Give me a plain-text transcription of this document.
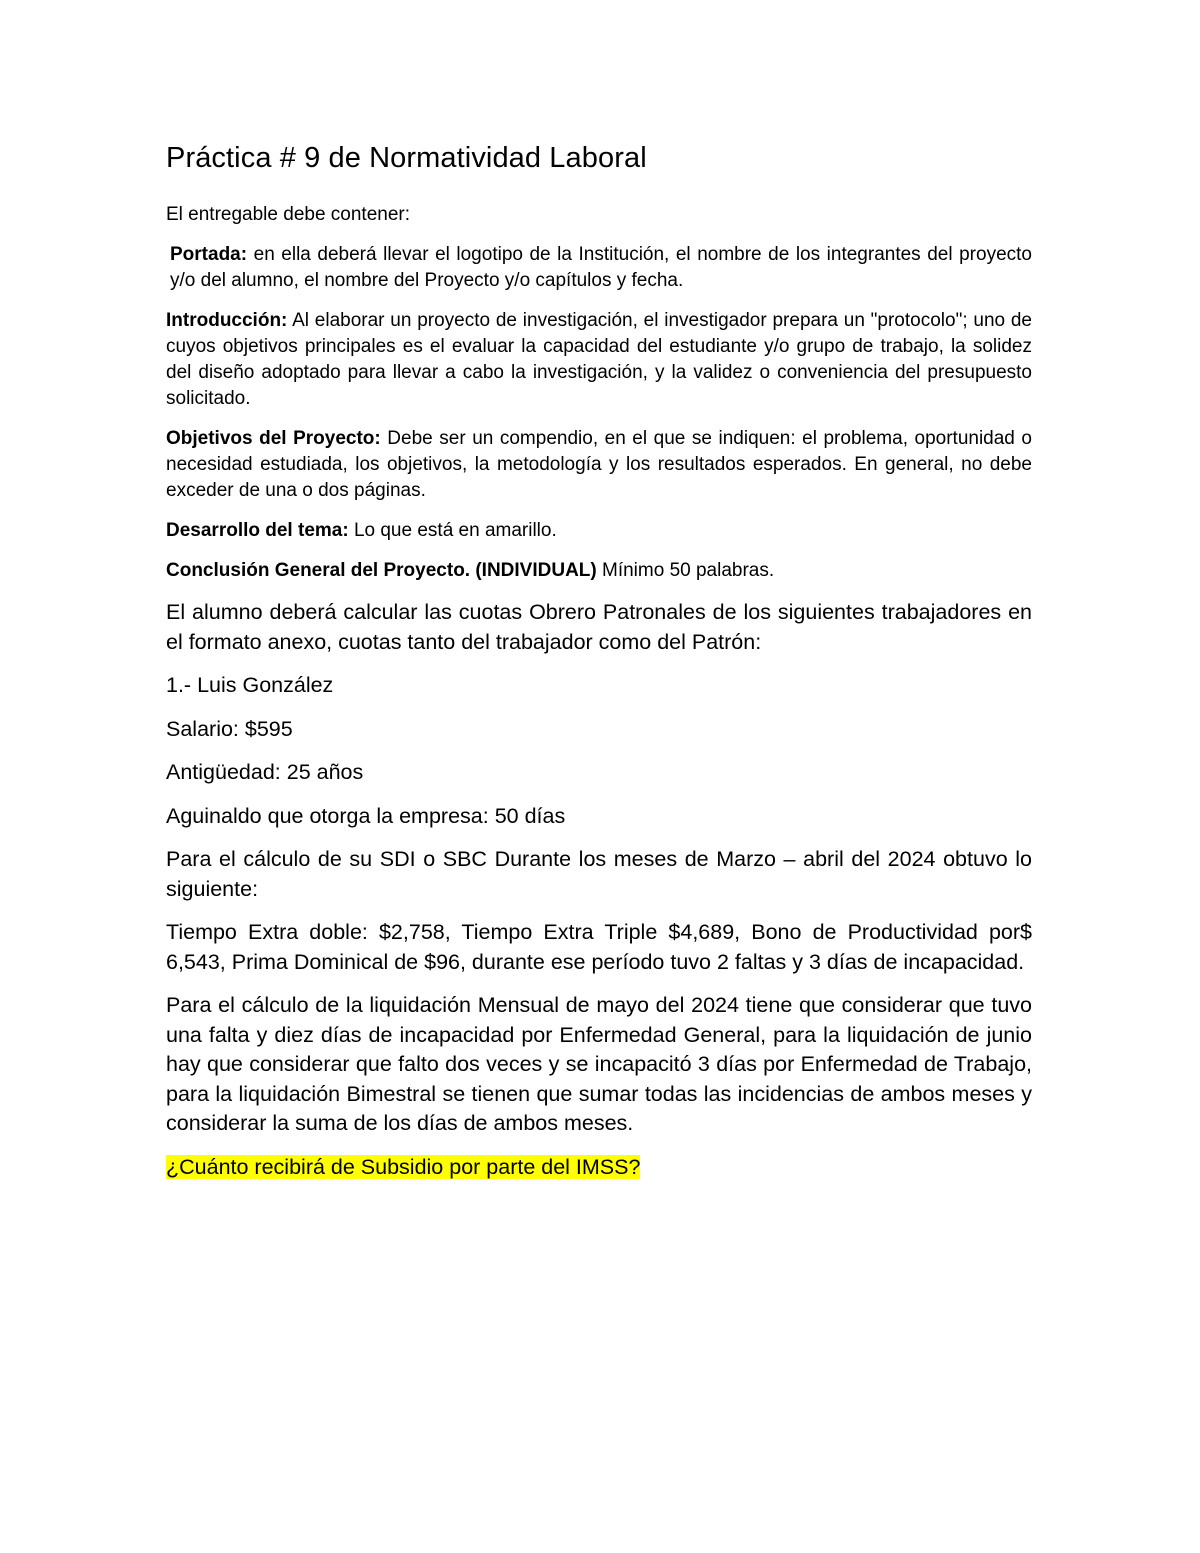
Práctica # 9 de Normatividad Laboral

El entregable debe contener:

Portada: en ella deberá llevar el logotipo de la Institución, el nombre de los integrantes del proyecto y/o del alumno, el nombre del Proyecto y/o capítulos y fecha.

Introducción: Al elaborar un proyecto de investigación, el investigador prepara un "protocolo"; uno de cuyos objetivos principales es el evaluar la capacidad del estudiante y/o grupo de trabajo, la solidez del diseño adoptado para llevar a cabo la investigación, y la validez o conveniencia del presupuesto solicitado.

Objetivos del Proyecto: Debe ser un compendio, en el que se indiquen: el problema, oportunidad o necesidad estudiada, los objetivos, la metodología y los resultados esperados. En general, no debe exceder de una o dos páginas.

Desarrollo del tema: Lo que está en amarillo.

Conclusión General del Proyecto. (INDIVIDUAL) Mínimo 50 palabras.

El alumno deberá calcular las cuotas Obrero Patronales de los siguientes trabajadores en el formato anexo, cuotas tanto del trabajador como del Patrón:

1.- Luis González

Salario: $595

Antigüedad: 25 años

Aguinaldo que otorga la empresa: 50 días

Para el cálculo de su SDI o SBC Durante los meses de Marzo – abril del 2024 obtuvo lo siguiente:

Tiempo Extra doble: $2,758, Tiempo Extra Triple $4,689, Bono de Productividad por$ 6,543, Prima Dominical de $96, durante ese período tuvo 2 faltas y 3 días de incapacidad.

Para el cálculo de la liquidación Mensual de mayo del 2024 tiene que considerar que tuvo una falta y diez días de incapacidad por Enfermedad General, para la liquidación de junio hay que considerar que falto dos veces y se incapacitó 3 días por Enfermedad de Trabajo, para la liquidación Bimestral se tienen que sumar todas las incidencias de ambos meses y considerar la suma de los días de ambos meses.

¿Cuánto recibirá de Subsidio por parte del IMSS?
